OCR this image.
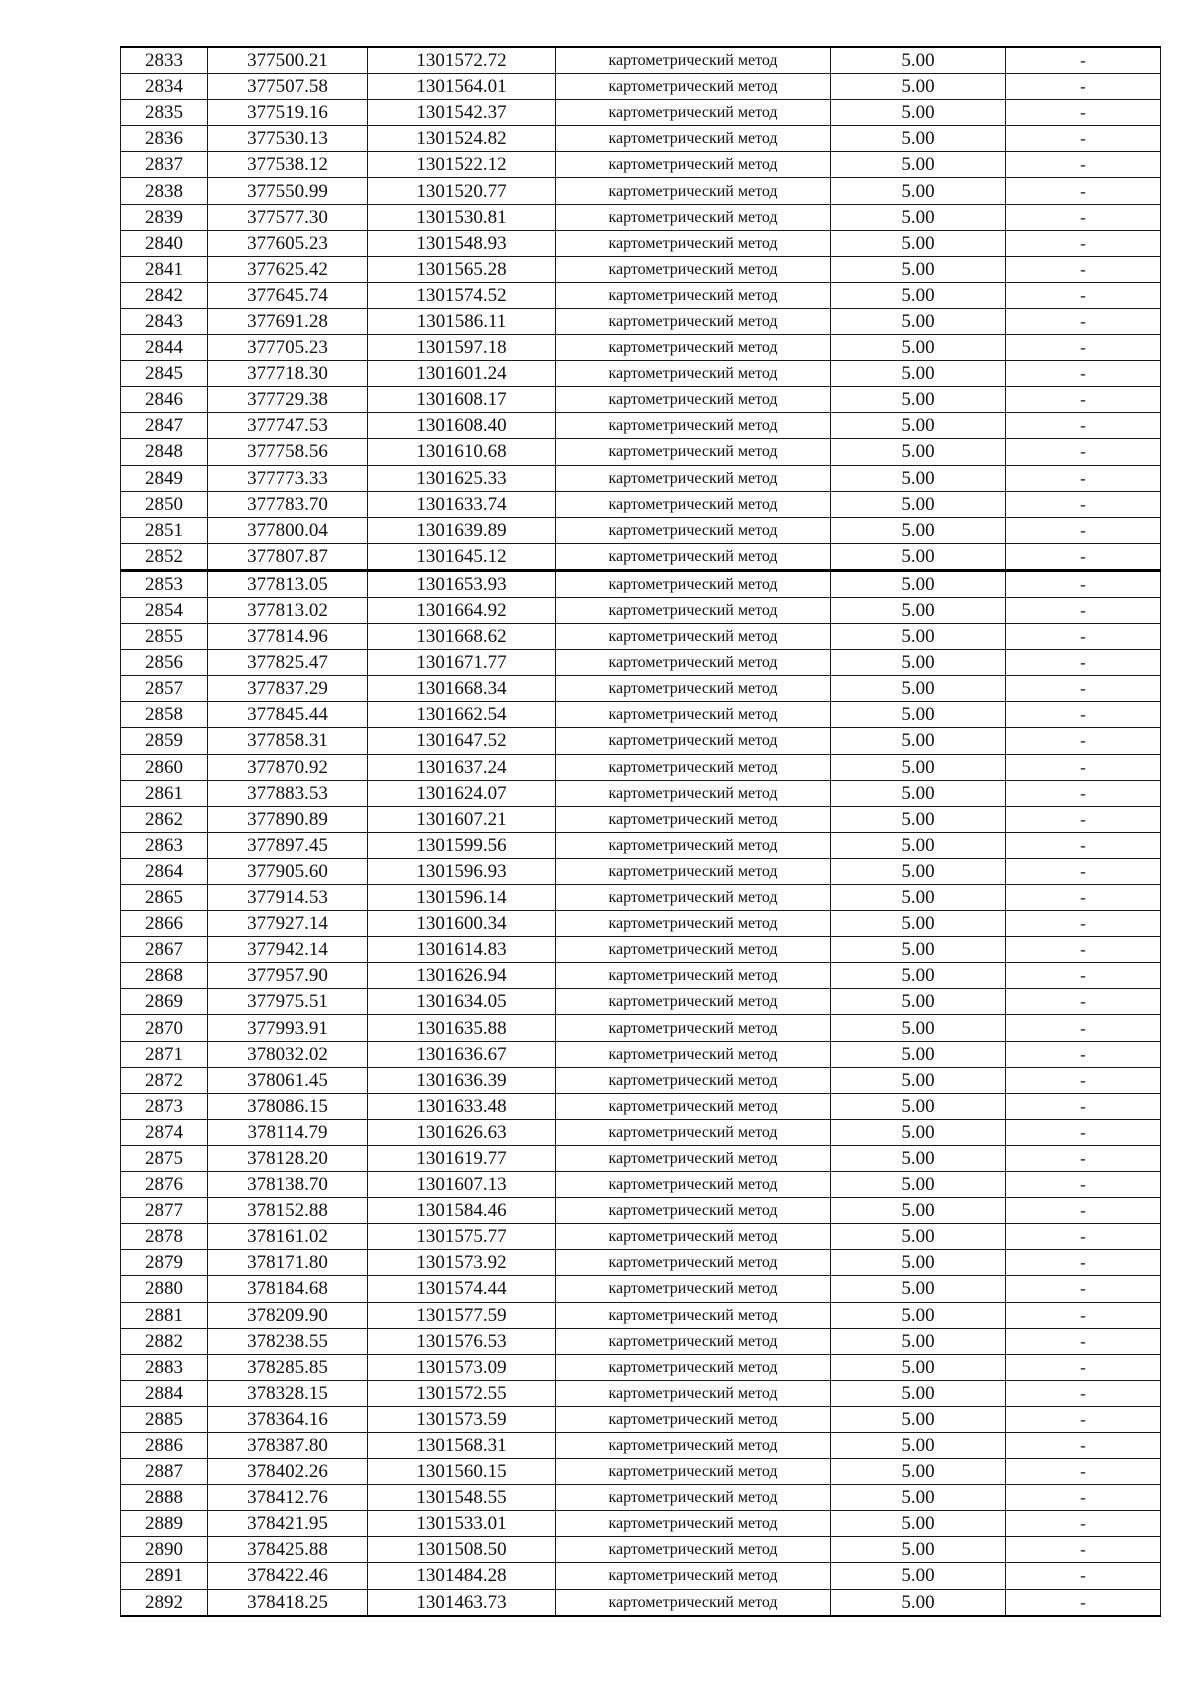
2833	377500.21	1301572.72	картометрический метод	5.00	-
2834	377507.58	1301564.01	картометрический метод	5.00	-
2835	377519.16	1301542.37	картометрический метод	5.00	-
2836	377530.13	1301524.82	картометрический метод	5.00	-
2837	377538.12	1301522.12	картометрический метод	5.00	-
2838	377550.99	1301520.77	картометрический метод	5.00	-
2839	377577.30	1301530.81	картометрический метод	5.00	-
2840	377605.23	1301548.93	картометрический метод	5.00	-
2841	377625.42	1301565.28	картометрический метод	5.00	-
2842	377645.74	1301574.52	картометрический метод	5.00	-
2843	377691.28	1301586.11	картометрический метод	5.00	-
2844	377705.23	1301597.18	картометрический метод	5.00	-
2845	377718.30	1301601.24	картометрический метод	5.00	-
2846	377729.38	1301608.17	картометрический метод	5.00	-
2847	377747.53	1301608.40	картометрический метод	5.00	-
2848	377758.56	1301610.68	картометрический метод	5.00	-
2849	377773.33	1301625.33	картометрический метод	5.00	-
2850	377783.70	1301633.74	картометрический метод	5.00	-
2851	377800.04	1301639.89	картометрический метод	5.00	-
2852	377807.87	1301645.12	картометрический метод	5.00	-
2853	377813.05	1301653.93	картометрический метод	5.00	-
2854	377813.02	1301664.92	картометрический метод	5.00	-
2855	377814.96	1301668.62	картометрический метод	5.00	-
2856	377825.47	1301671.77	картометрический метод	5.00	-
2857	377837.29	1301668.34	картометрический метод	5.00	-
2858	377845.44	1301662.54	картометрический метод	5.00	-
2859	377858.31	1301647.52	картометрический метод	5.00	-
2860	377870.92	1301637.24	картометрический метод	5.00	-
2861	377883.53	1301624.07	картометрический метод	5.00	-
2862	377890.89	1301607.21	картометрический метод	5.00	-
2863	377897.45	1301599.56	картометрический метод	5.00	-
2864	377905.60	1301596.93	картометрический метод	5.00	-
2865	377914.53	1301596.14	картометрический метод	5.00	-
2866	377927.14	1301600.34	картометрический метод	5.00	-
2867	377942.14	1301614.83	картометрический метод	5.00	-
2868	377957.90	1301626.94	картометрический метод	5.00	-
2869	377975.51	1301634.05	картометрический метод	5.00	-
2870	377993.91	1301635.88	картометрический метод	5.00	-
2871	378032.02	1301636.67	картометрический метод	5.00	-
2872	378061.45	1301636.39	картометрический метод	5.00	-
2873	378086.15	1301633.48	картометрический метод	5.00	-
2874	378114.79	1301626.63	картометрический метод	5.00	-
2875	378128.20	1301619.77	картометрический метод	5.00	-
2876	378138.70	1301607.13	картометрический метод	5.00	-
2877	378152.88	1301584.46	картометрический метод	5.00	-
2878	378161.02	1301575.77	картометрический метод	5.00	-
2879	378171.80	1301573.92	картометрический метод	5.00	-
2880	378184.68	1301574.44	картометрический метод	5.00	-
2881	378209.90	1301577.59	картометрический метод	5.00	-
2882	378238.55	1301576.53	картометрический метод	5.00	-
2883	378285.85	1301573.09	картометрический метод	5.00	-
2884	378328.15	1301572.55	картометрический метод	5.00	-
2885	378364.16	1301573.59	картометрический метод	5.00	-
2886	378387.80	1301568.31	картометрический метод	5.00	-
2887	378402.26	1301560.15	картометрический метод	5.00	-
2888	378412.76	1301548.55	картометрический метод	5.00	-
2889	378421.95	1301533.01	картометрический метод	5.00	-
2890	378425.88	1301508.50	картометрический метод	5.00	-
2891	378422.46	1301484.28	картометрический метод	5.00	-
2892	378418.25	1301463.73	картометрический метод	5.00	-
